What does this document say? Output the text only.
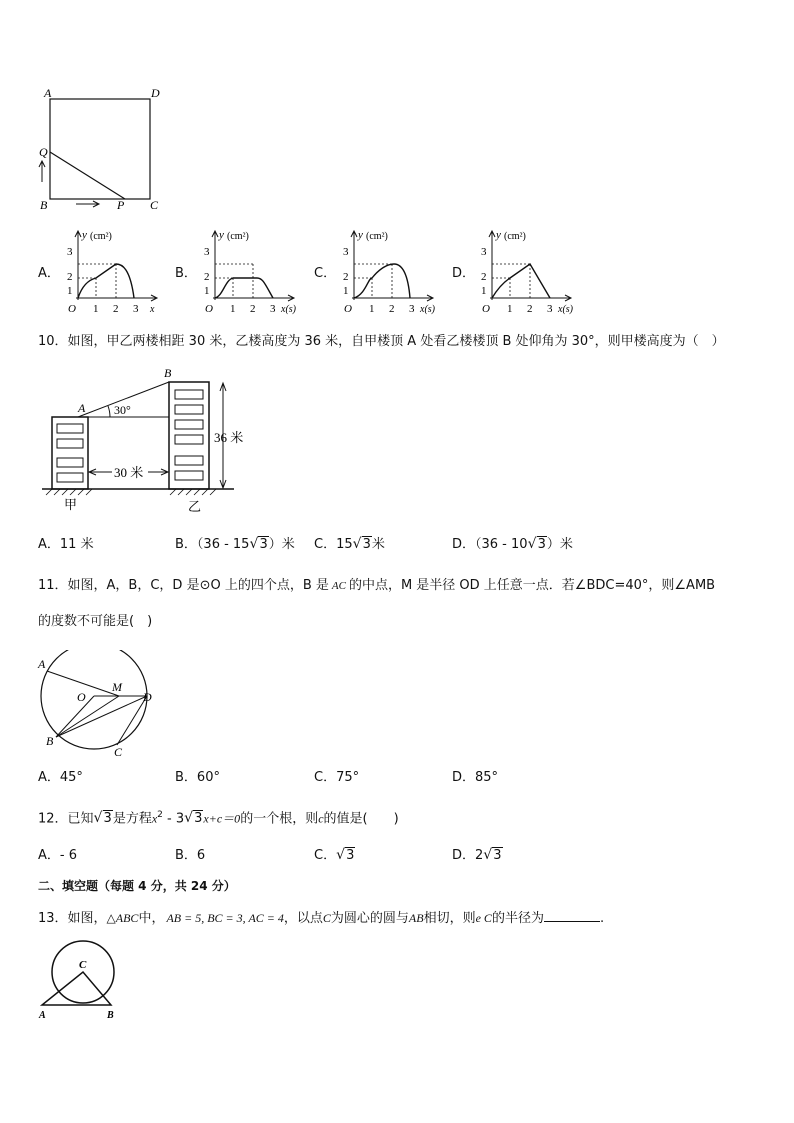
A	D
Q
B	P C
A．
y (cm²)
3
2
1
O 1 2 3 x
B．
y (cm²)
3
2
1
O 1 2 3 x(s)
C．
y (cm²)
3
2
1
O 1 2 3 x(s)
D．
y (cm²)
3
2
1
O 1 2 3 x(s)
10．如图，甲乙两楼相距 30 米，乙楼高度为 36 米，自甲楼顶 A 处看乙楼楼顶 B 处仰角为 30°，则甲楼高度为（　）
B
A 30°
36 米
30 米
甲	乙
A．11 米	B．（36 - 15√ 3）米 C．15√ 3米	D．（36 - 10√ 3）米
11．如图，A，B，C，D 是⊙O 上的四个点，B 是 AC 的中点，M 是半径 OD 上任意一点．若∠BDC=40°，则∠AMB
的度数不可能是(　)
A
O
M
D
B
C
A．45°	B．60°	C．75°	D．85°
12．已知√ 3是方程$x^2 - 3√$ 3x+c＝0的一个根，则c的值是(　　)
A．- 6	B．6	C．√ 3	D．2√ 3
二、填空题（每题 4 分，共 24 分）
13．如图，△ABC中， AB = 5, BC = 3, AC = 4，以点C为圆心的圆与AB相切，则e C的半径为	.
C
A	B
